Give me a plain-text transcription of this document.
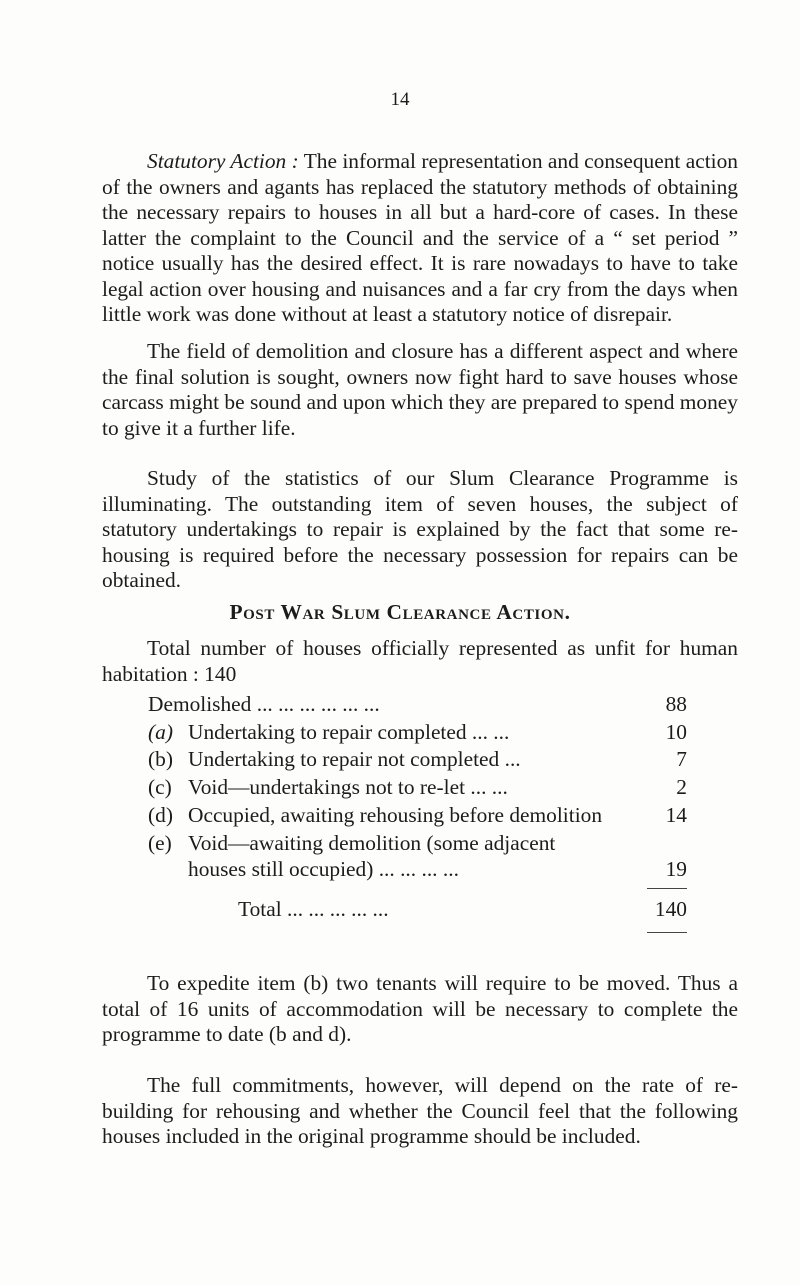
14

Statutory Action : The informal representation and consequent action of the owners and agants has replaced the statutory methods of obtaining the necessary repairs to houses in all but a hard-core of cases. In these latter the complaint to the Council and the service of a “ set period ” notice usually has the desired effect. It is rare nowadays to have to take legal action over housing and nuisances and a far cry from the days when little work was done without at least a statutory notice of disrepair.

The field of demolition and closure has a different aspect and where the final solution is sought, owners now fight hard to save houses whose carcass might be sound and upon which they are prepared to spend money to give it a further life.

Study of the statistics of our Slum Clearance Programme is illuminating. The outstanding item of seven houses, the subject of statutory undertakings to repair is explained by the fact that some re-housing is required before the necessary possession for repairs can be obtained.

Post War Slum Clearance Action.

Total number of houses officially represented as unfit for human habitation : 140

Demolished ... ... ... ... ... ...	88
(a) Undertaking to repair completed ... ...	10
(b) Undertaking to repair not completed ...	7
(c) Void—undertakings not to re-let ... ...	2
(d) Occupied, awaiting rehousing before demolition	14
(e) Void—awaiting demolition (some adjacent
houses still occupied) ... ... ... ...	19
Total ... ... ... ... ...	140

To expedite item (b) two tenants will require to be moved. Thus a total of 16 units of accommodation will be necessary to complete the programme to date (b and d).

The full commitments, however, will depend on the rate of re-building for rehousing and whether the Council feel that the following houses included in the original programme should be included.
